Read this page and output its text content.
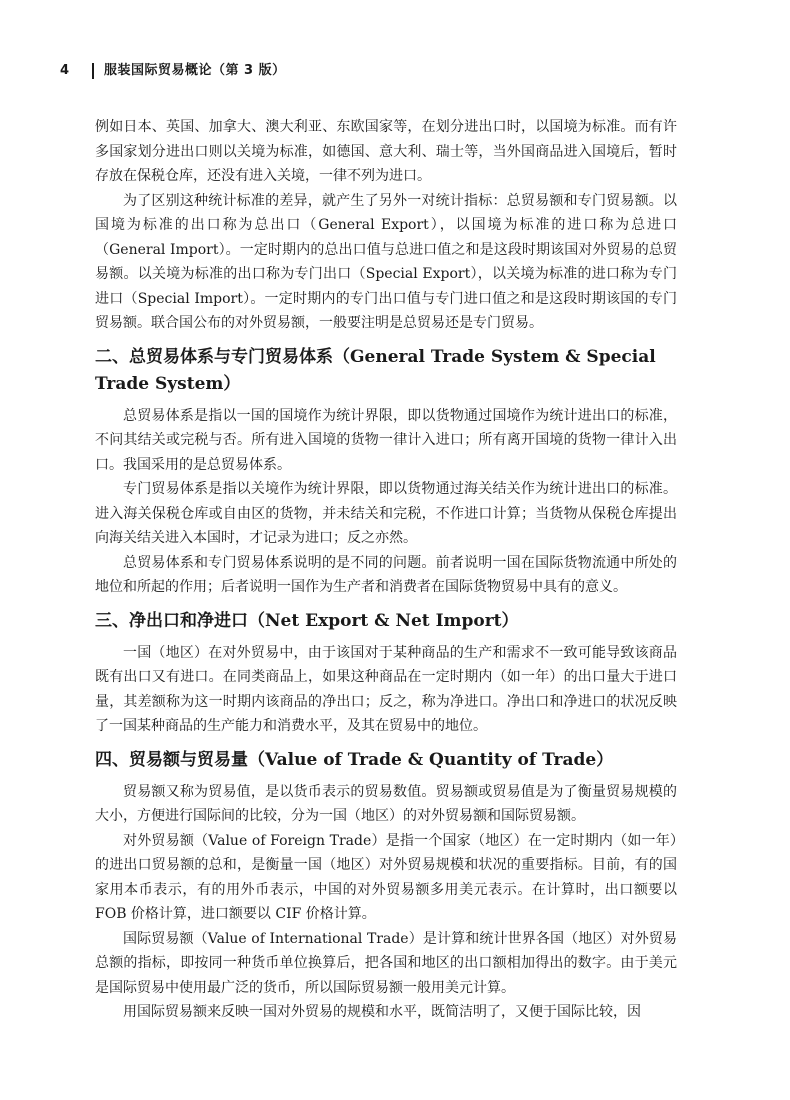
4	服装国际贸易概论（第 3 版）

例如日本、英国、加拿大、澳大利亚、东欧国家等，在划分进出口时，以国境为标准。而有许多国家划分进出口则以关境为标准，如德国、意大利、瑞士等，当外国商品进入国境后，暂时存放在保税仓库，还没有进入关境，一律不列为进口。

为了区别这种统计标准的差异，就产生了另外一对统计指标：总贸易额和专门贸易额。以国境为标准的出口称为总出口（General Export），以国境为标准的进口称为总进口（General Import）。一定时期内的总出口值与总进口值之和是这段时期该国对外贸易的总贸易额。以关境为标准的出口称为专门出口（Special Export），以关境为标准的进口称为专门进口（Special Import）。一定时期内的专门出口值与专门进口值之和是这段时期该国的专门贸易额。联合国公布的对外贸易额，一般要注明是总贸易还是专门贸易。

二、总贸易体系与专门贸易体系（General Trade System & Special Trade System）

总贸易体系是指以一国的国境作为统计界限，即以货物通过国境作为统计进出口的标准，不问其结关或完税与否。所有进入国境的货物一律计入进口；所有离开国境的货物一律计入出口。我国采用的是总贸易体系。

专门贸易体系是指以关境作为统计界限，即以货物通过海关结关作为统计进出口的标准。进入海关保税仓库或自由区的货物，并未结关和完税，不作进口计算；当货物从保税仓库提出向海关结关进入本国时，才记录为进口；反之亦然。

总贸易体系和专门贸易体系说明的是不同的问题。前者说明一国在国际货物流通中所处的地位和所起的作用；后者说明一国作为生产者和消费者在国际货物贸易中具有的意义。

三、净出口和净进口（Net Export & Net Import）

一国（地区）在对外贸易中，由于该国对于某种商品的生产和需求不一致可能导致该商品既有出口又有进口。在同类商品上，如果这种商品在一定时期内（如一年）的出口量大于进口量，其差额称为这一时期内该商品的净出口；反之，称为净进口。净出口和净进口的状况反映了一国某种商品的生产能力和消费水平，及其在贸易中的地位。

四、贸易额与贸易量（Value of Trade & Quantity of Trade）

贸易额又称为贸易值，是以货币表示的贸易数值。贸易额或贸易值是为了衡量贸易规模的大小，方便进行国际间的比较，分为一国（地区）的对外贸易额和国际贸易额。

对外贸易额（Value of Foreign Trade）是指一个国家（地区）在一定时期内（如一年）的进出口贸易额的总和，是衡量一国（地区）对外贸易规模和状况的重要指标。目前，有的国家用本币表示，有的用外币表示，中国的对外贸易额多用美元表示。在计算时，出口额要以 FOB 价格计算，进口额要以 CIF 价格计算。

国际贸易额（Value of International Trade）是计算和统计世界各国（地区）对外贸易总额的指标，即按同一种货币单位换算后，把各国和地区的出口额相加得出的数字。由于美元是国际贸易中使用最广泛的货币，所以国际贸易额一般用美元计算。

用国际贸易额来反映一国对外贸易的规模和水平，既简洁明了，又便于国际比较，因
